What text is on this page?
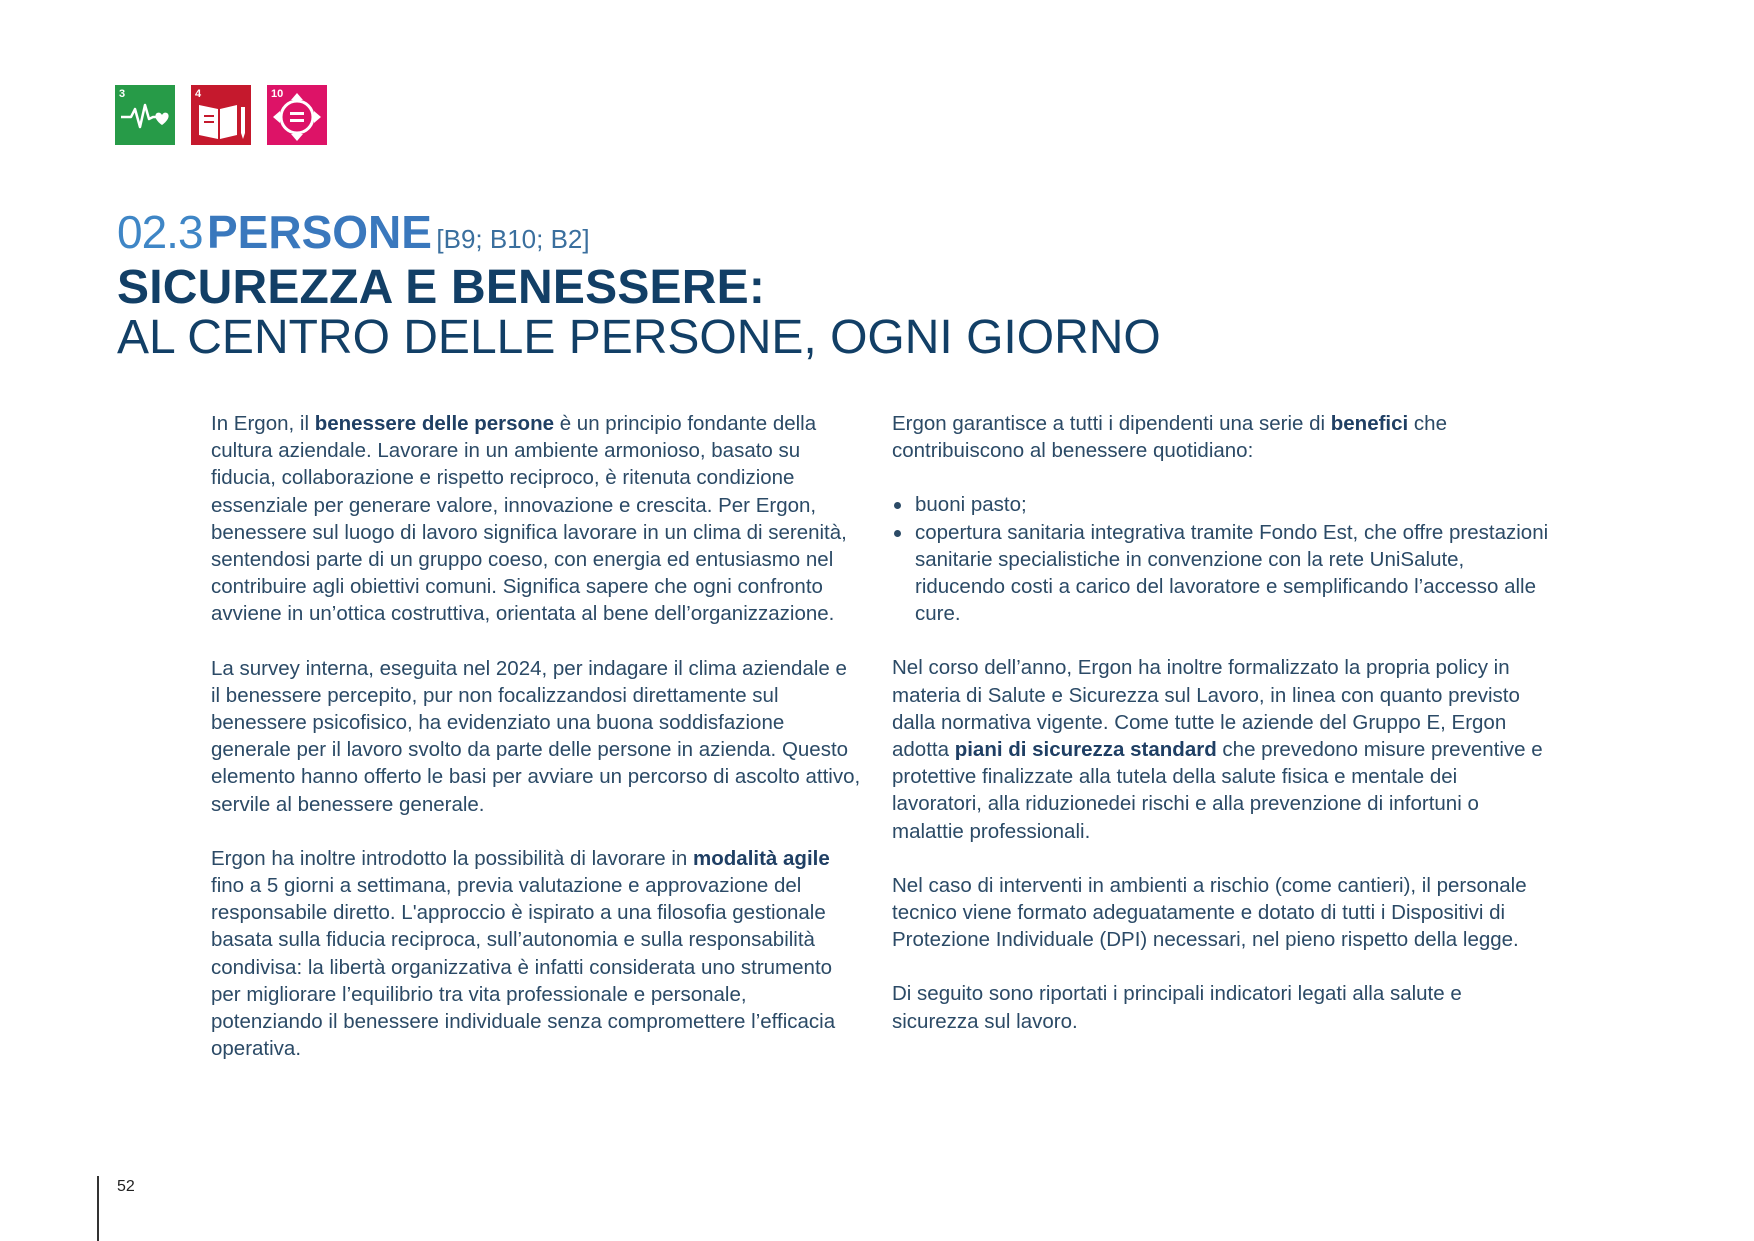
3	4	10
02.3 PERSONE [B9; B10; B2]
SICUREZZA E BENESSERE:
AL CENTRO DELLE PERSONE, OGNI GIORNO

In Ergon, il benessere delle persone è un principio fondante della cultura aziendale. Lavorare in un ambiente armonioso, basato su fiducia, collaborazione e rispetto reciproco, è ritenuta condizione essenziale per generare valore, innovazione e crescita. Per Ergon, benessere sul luogo di lavoro significa lavorare in un clima di serenità, sentendosi parte di un gruppo coeso, con energia ed entusiasmo nel contribuire agli obiettivi comuni. Significa sapere che ogni confronto avviene in un’ottica costruttiva, orientata al bene dell’organizzazione.

La survey interna, eseguita nel 2024, per indagare il clima aziendale e il benessere percepito, pur non focalizzandosi direttamente sul benessere psicofisico, ha evidenziato una buona soddisfazione generale per il lavoro svolto da parte delle persone in azienda. Questo elemento hanno offerto le basi per avviare un percorso di ascolto attivo, servile al benessere generale.

Ergon ha inoltre introdotto la possibilità di lavorare in modalità agile fino a 5 giorni a settimana, previa valutazione e approvazione del responsabile diretto. L'approccio è ispirato a una filosofia gestionale basata sulla fiducia reciproca, sull’autonomia e sulla responsabilità condivisa: la libertà organizzativa è infatti considerata uno strumento per migliorare l’equilibrio tra vita professionale e personale, potenziando il benessere individuale senza compromettere l’efficacia operativa.

Ergon garantisce a tutti i dipendenti una serie di benefici che contribuiscono al benessere quotidiano:

buoni pasto;
copertura sanitaria integrativa tramite Fondo Est, che offre prestazioni sanitarie specialistiche in convenzione con la rete UniSalute, riducendo costi a carico del lavoratore e semplificando l’accesso alle cure.

Nel corso dell’anno, Ergon ha inoltre formalizzato la propria policy in materia di Salute e Sicurezza sul Lavoro, in linea con quanto previsto dalla normativa vigente. Come tutte le aziende del Gruppo E, Ergon adotta piani di sicurezza standard che prevedono misure preventive e protettive finalizzate alla tutela della salute fisica e mentale dei lavoratori, alla riduzionedei rischi e alla prevenzione di infortuni o malattie professionali.

Nel caso di interventi in ambienti a rischio (come cantieri), il personale tecnico viene formato adeguatamente e dotato di tutti i Dispositivi di Protezione Individuale (DPI) necessari, nel pieno rispetto della legge.

Di seguito sono riportati i principali indicatori legati alla salute e sicurezza sul lavoro.

52
